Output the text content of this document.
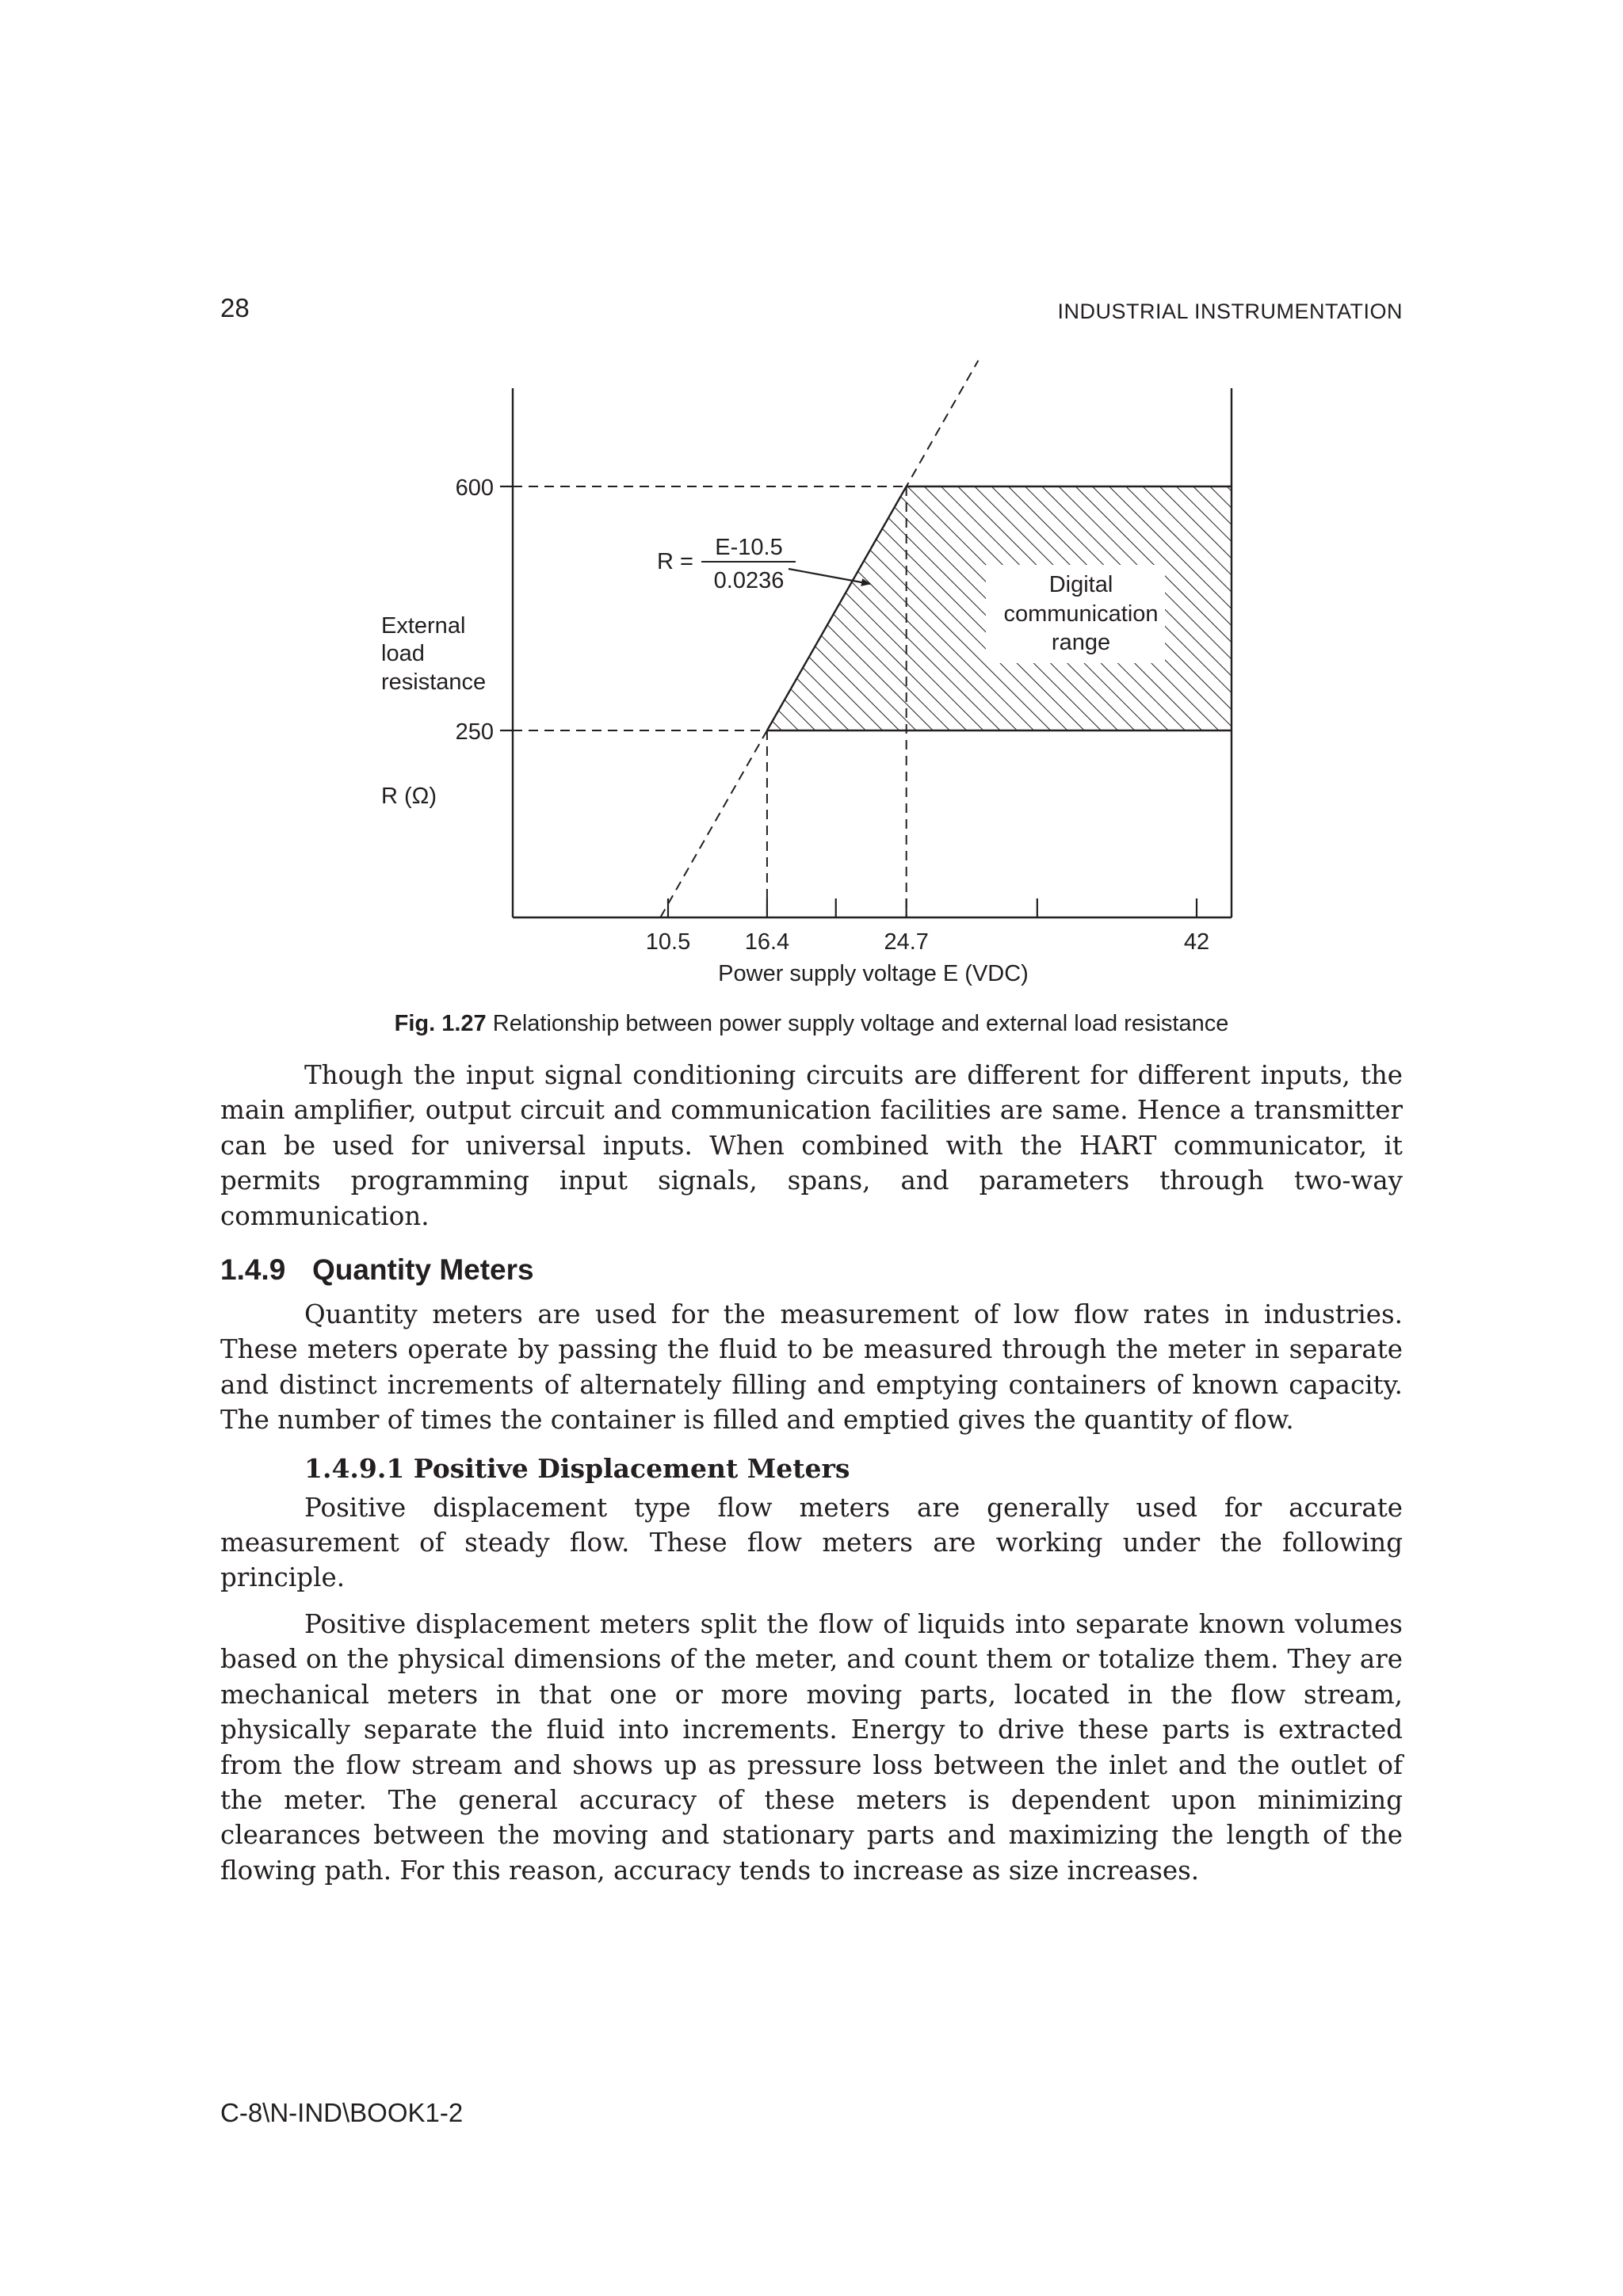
28	INDUSTRIAL INSTRUMENTATION
600
250
10.5 16.4	24.7	42
Power supply voltage E (VDC)
External
load
resistance
R (Ω)
R =
E-10.5
0.0236	Digital
communication
range
Fig. 1.27 Relationship between power supply voltage and external load resistance

Though the input signal conditioning circuits are different for different inputs, the main amplifier, output circuit and communication facilities are same. Hence a transmitter can be used for universal inputs. When combined with the HART communicator, it permits programming input signals, spans, and parameters through two-way communication.

1.4.9 Quantity Meters

Quantity meters are used for the measurement of low flow rates in industries. These meters operate by passing the fluid to be measured through the meter in separate and distinct increments of alternately filling and emptying containers of known capacity. The number of times the container is filled and emptied gives the quantity of flow.

1.4.9.1 Positive Displacement Meters

Positive displacement type flow meters are generally used for accurate measurement of steady flow. These flow meters are working under the following principle.

Positive displacement meters split the flow of liquids into separate known volumes based on the physical dimensions of the meter, and count them or totalize them. They are mechanical meters in that one or more moving parts, located in the flow stream, physically separate the fluid into increments. Energy to drive these parts is extracted from the flow stream and shows up as pressure loss between the inlet and the outlet of the meter. The general accuracy of these meters is dependent upon minimizing clearances between the moving and stationary parts and maximizing the length of the flowing path. For this reason, accuracy tends to increase as size increases.

C-8\N-IND\BOOK1-2
